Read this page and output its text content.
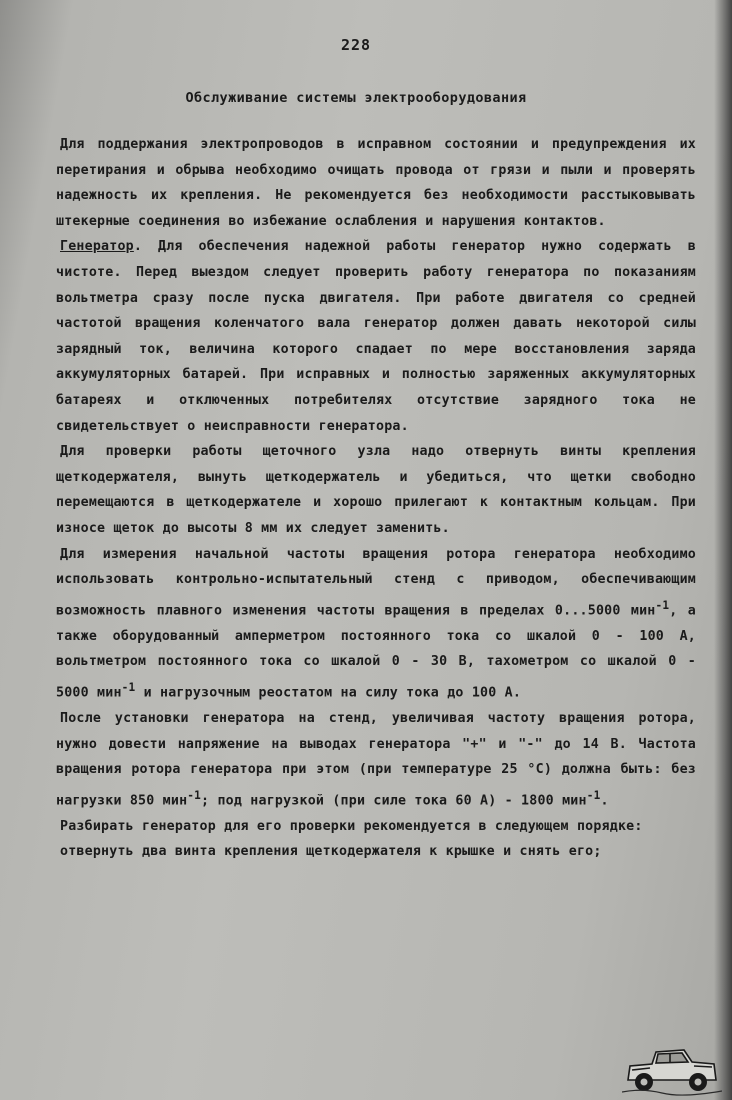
228
Обслуживание системы электрооборудования

Для поддержания электропроводов в исправном состоянии и предупреждения их перетирания и обрыва необходимо очищать провода от грязи и пыли и проверять надежность их крепления. Не рекомендуется без необходимости расстыковывать штекерные соединения во избежание ослабления и нарушения контактов.

Генератор. Для обеспечения надежной работы генератор нужно содержать в чистоте. Перед выездом следует проверить работу генератора по показаниям вольтметра сразу после пуска двигателя. При работе двигателя со средней частотой вращения коленчатого вала генератор должен давать некоторой силы зарядный ток, величина которого спадает по мере восстановления заряда аккумуляторных батарей. При исправных и полностью заряженных аккумуляторных батареях и отключенных потребителях отсутствие зарядного тока не свидетельствует о неисправности генератора.

Для проверки работы щеточного узла надо отвернуть винты крепления щеткодержателя, вынуть щеткодержатель и убедиться, что щетки свободно перемещаются в щеткодержателе и хорошо прилегают к контактным кольцам. При износе щеток до высоты 8 мм их следует заменить.

Для измерения начальной частоты вращения ротора генератора необходимо использовать контрольно-испытательный стенд с приводом, обеспечивающим возможность плавного изменения частоты вращения в пределах 0...5000 мин$^{-1}$, а также оборудованный амперметром постоянного тока со шкалой 0 - 100 А, вольтметром постоянного тока со шкалой 0 - 30 В, тахометром со шкалой 0 - 5000 мин$^{-1}$ и нагрузочным реостатом на силу тока до 100 А.

После установки генератора на стенд, увеличивая частоту вращения ротора, нужно довести напряжение на выводах генератора "+" и "-" до 14 В. Частота вращения ротора генератора при этом (при температуре 25 °С) должна быть: без нагрузки 850 мин$^{-1}$; под нагрузкой (при силе тока 60 А) - 1800 мин$^{-1}$.

Разбирать генератор для его проверки рекомендуется в следующем порядке:

отвернуть два винта крепления щеткодержателя к крышке и снять его;
